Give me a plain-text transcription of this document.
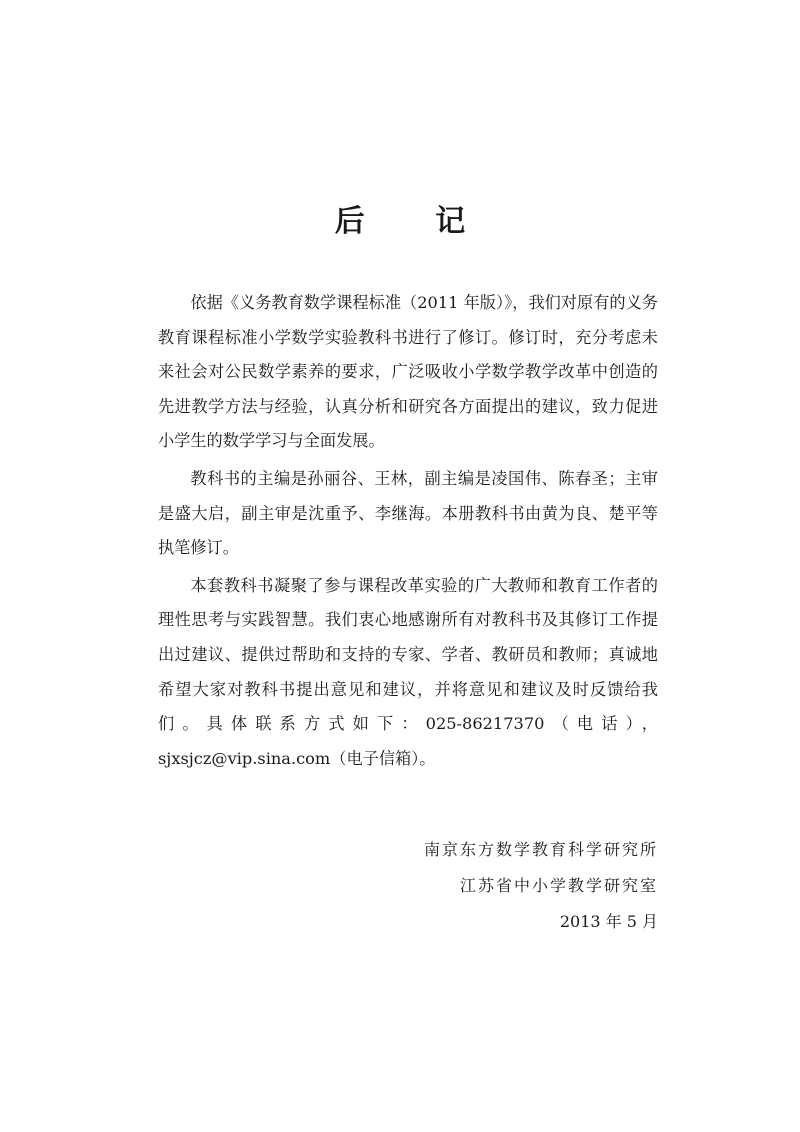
后 记

依据《义务教育数学课程标准（2011 年版）》，我们对原有的义务教育课程标准小学数学实验教科书进行了修订。修订时，充分考虑未来社会对公民数学素养的要求，广泛吸收小学数学教学改革中创造的先进教学方法与经验，认真分析和研究各方面提出的建议，致力促进小学生的数学学习与全面发展。

教科书的主编是孙丽谷、王林，副主编是凌国伟、陈春圣；主审是盛大启，副主审是沈重予、李继海。本册教科书由黄为良、楚平等执笔修订。

本套教科书凝聚了参与课程改革实验的广大教师和教育工作者的理性思考与实践智慧。我们衷心地感谢所有对教科书及其修订工作提出过建议、提供过帮助和支持的专家、学者、教研员和教师；真诚地希望大家对教科书提出意见和建议，并将意见和建议及时反馈给我们。具体联系方式如下：025-86217370（电话），sjxsjcz@vip.sina.com（电子信箱）。

南京东方数学教育科学研究所
江苏省中小学教学研究室
2013 年 5 月
